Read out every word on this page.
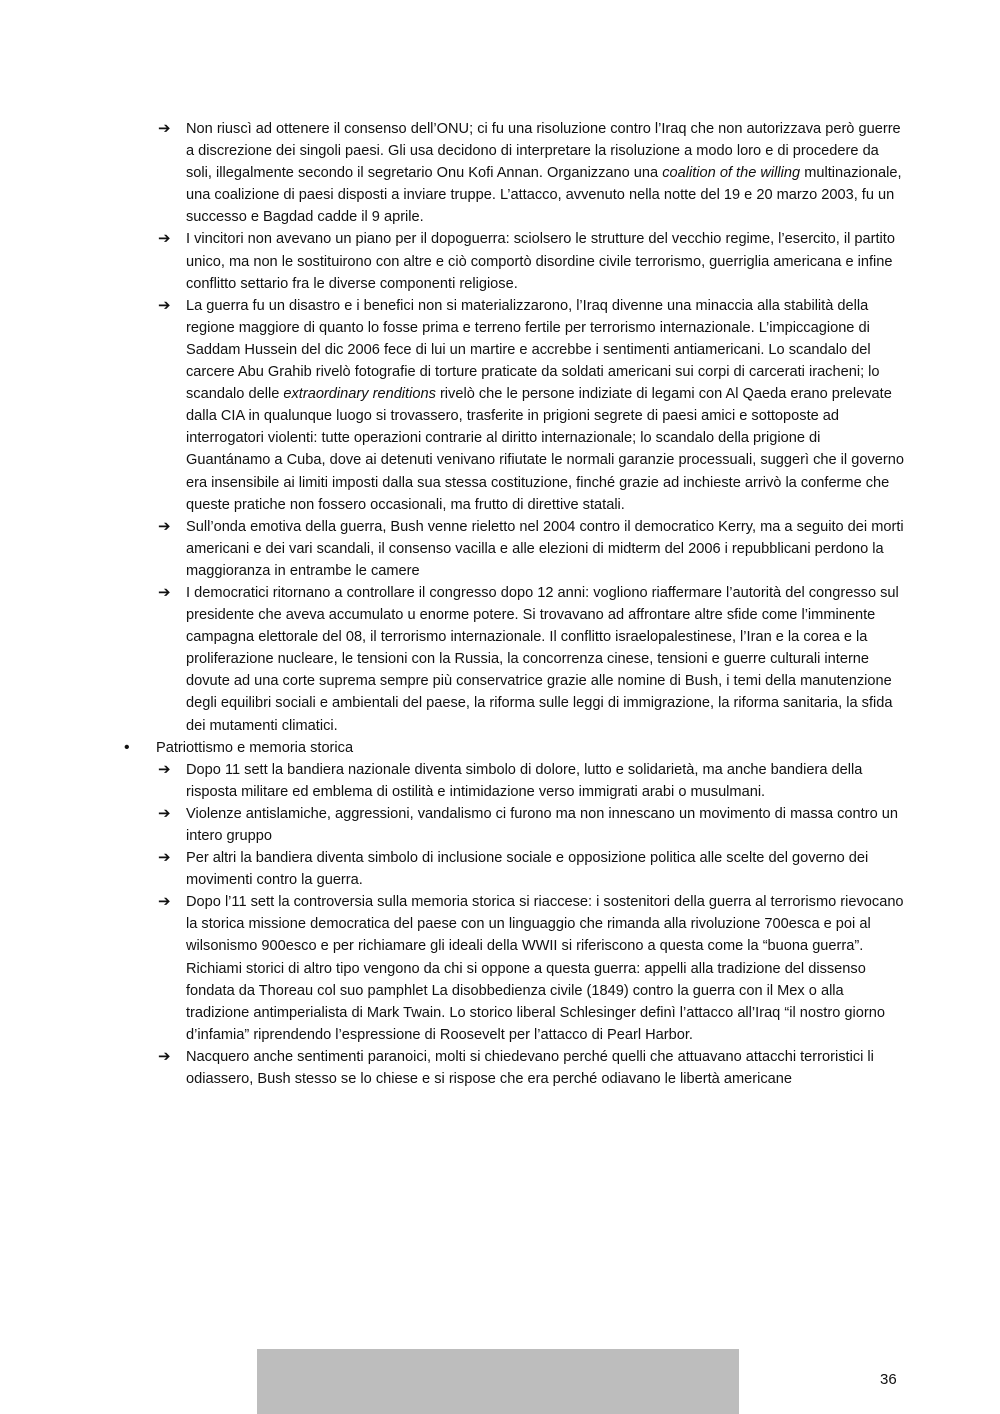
➔ Non riuscì ad ottenere il consenso dell’ONU; ci fu una risoluzione contro l’Iraq che non autorizzava però guerre a discrezione dei singoli paesi. Gli usa decidono di interpretare la risoluzione a modo loro e di procedere da soli, illegalmente secondo il segretario Onu Kofi Annan. Organizzano una coalition of the willing multinazionale, una coalizione di paesi disposti a inviare truppe. L’attacco, avvenuto nella notte del 19 e 20 marzo 2003, fu un successo e Bagdad cadde il 9 aprile.
➔ I vincitori non avevano un piano per il dopoguerra: sciolsero le strutture del vecchio regime, l’esercito, il partito unico, ma non le sostituirono con altre e ciò comportò disordine civile terrorismo, guerriglia americana e infine conflitto settario fra le diverse componenti religiose.
➔ La guerra fu un disastro e i benefici non si materializzarono, l’Iraq divenne una minaccia alla stabilità della regione maggiore di quanto lo fosse prima e terreno fertile per terrorismo internazionale. L’impiccagione di Saddam Hussein del dic 2006 fece di lui un martire e accrebbe i sentimenti antiamericani. Lo scandalo del carcere Abu Grahib rivelò fotografie di torture praticate da soldati americani sui corpi di carcerati iracheni; lo scandalo delle extraordinary renditions rivelò che le persone indiziate di legami con Al Qaeda erano prelevate dalla CIA in qualunque luogo si trovassero, trasferite in prigioni segrete di paesi amici e sottoposte ad interrogatori violenti: tutte operazioni contrarie al diritto internazionale; lo scandalo della prigione di Guantánamo a Cuba, dove ai detenuti venivano rifiutate le normali garanzie processuali, suggerì che il governo era insensibile ai limiti imposti dalla sua stessa costituzione, finché grazie ad inchieste arrivò la conferme che queste pratiche non fossero occasionali, ma frutto di direttive statali.
➔ Sull’onda emotiva della guerra, Bush venne rieletto nel 2004 contro il democratico Kerry, ma a seguito dei morti americani e dei vari scandali, il consenso vacilla e alle elezioni di midterm del 2006 i repubblicani perdono la maggioranza in entrambe le camere
➔ I democratici ritornano a controllare il congresso dopo 12 anni: vogliono riaffermare l’autorità del congresso sul presidente che aveva accumulato u enorme potere. Si trovavano ad affrontare altre sfide come l’imminente campagna elettorale del 08, il terrorismo internazionale. Il conflitto israelopalestinese, l’Iran e la corea e la proliferazione nucleare, le tensioni con la Russia, la concorrenza cinese, tensioni e guerre culturali interne dovute ad una corte suprema sempre più conservatrice grazie alle nomine di Bush, i temi della manutenzione degli equilibri sociali e ambientali del paese, la riforma sulle leggi di immigrazione, la riforma sanitaria, la sfida dei mutamenti climatici.
• Patriottismo e memoria storica
➔ Dopo 11 sett la bandiera nazionale diventa simbolo di dolore, lutto e solidarietà, ma anche bandiera della risposta militare ed emblema di ostilità e intimidazione verso immigrati arabi o musulmani.
➔ Violenze antislamiche, aggressioni, vandalismo ci furono ma non innescano un movimento di massa contro un intero gruppo
➔ Per altri la bandiera diventa simbolo di inclusione sociale e opposizione politica alle scelte del governo dei movimenti contro la guerra.
➔ Dopo l’11 sett la controversia sulla memoria storica si riaccese: i sostenitori della guerra al terrorismo rievocano la storica missione democratica del paese con un linguaggio che rimanda alla rivoluzione 700esca e poi al wilsonismo 900esco e per richiamare gli ideali della WWII si riferiscono a questa come la “buona guerra”. Richiami storici di altro tipo vengono da chi si oppone a questa guerra: appelli alla tradizione del dissenso fondata da Thoreau col suo pamphlet La disobbedienza civile (1849) contro la guerra con il Mex o alla tradizione antimperialista di Mark Twain. Lo storico liberal Schlesinger definì l’attacco all’Iraq “il nostro giorno d’infamia” riprendendo l’espressione di Roosevelt per l’attacco di Pearl Harbor.
➔ Nacquero anche sentimenti paranoici, molti si chiedevano perché quelli che attuavano attacchi terroristici li odiassero, Bush stesso se lo chiese e si rispose che era perché odiavano le libertà americane
36
